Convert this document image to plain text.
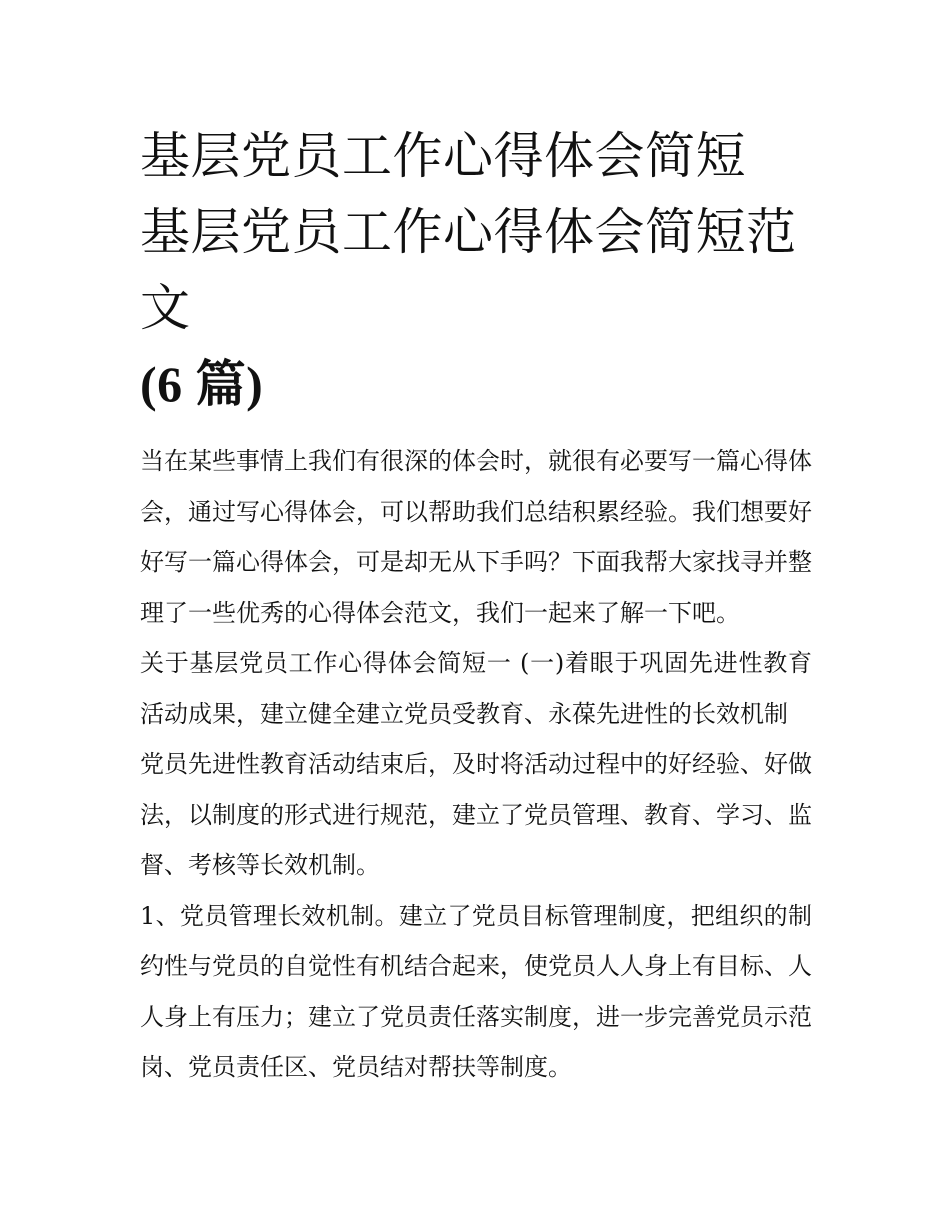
基层党员工作心得体会简短 基层党员工作心得体会简短范文
(6 篇)

当在某些事情上我们有很深的体会时，就很有必要写一篇心得体会，通过写心得体会，可以帮助我们总结积累经验。我们想要好好写一篇心得体会，可是却无从下手吗？下面我帮大家找寻并整理了一些优秀的心得体会范文，我们一起来了解一下吧。

关于基层党员工作心得体会简短一 (一)着眼于巩固先进性教育活动成果，建立健全建立党员受教育、永葆先进性的长效机制

党员先进性教育活动结束后，及时将活动过程中的好经验、好做法，以制度的形式进行规范，建立了党员管理、教育、学习、监督、考核等长效机制。

1、党员管理长效机制。建立了党员目标管理制度，把组织的制约性与党员的自觉性有机结合起来，使党员人人身上有目标、人人身上有压力；建立了党员责任落实制度，进一步完善党员示范岗、党员责任区、党员结对帮扶等制度。
